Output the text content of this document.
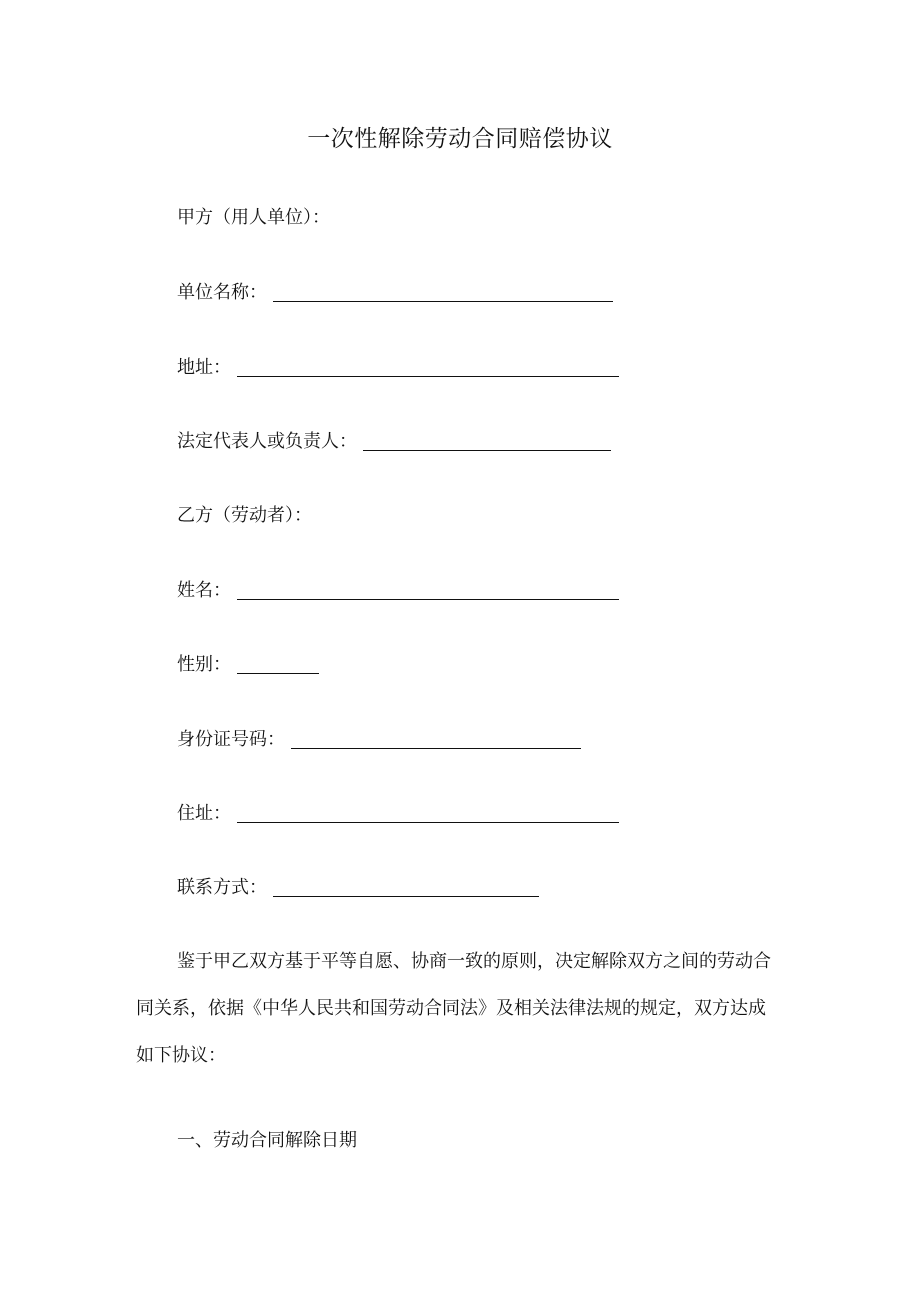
一次性解除劳动合同赔偿协议
甲方（用人单位）：
单位名称：
地址：
法定代表人或负责人：
乙方（劳动者）：
姓名：
性别：
身份证号码：
住址：
联系方式：

鉴于甲乙双方基于平等自愿、协商一致的原则，决定解除双方之间的劳动合

同关系，依据《中华人民共和国劳动合同法》及相关法律法规的规定，双方达成

如下协议：

一、劳动合同解除日期
